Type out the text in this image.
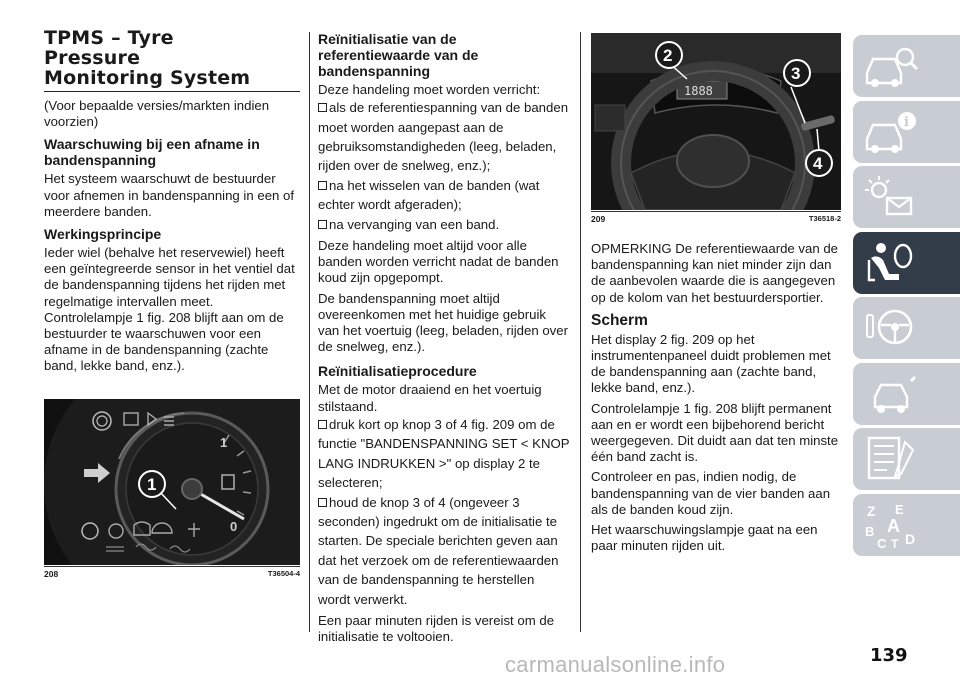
TPMS – Tyre
Pressure
Monitoring System

(Voor bepaalde versies/markten indien voorzien)

Waarschuwing bij een afname in bandenspanning

Het systeem waarschuwt de bestuurder voor afnemen in bandenspanning in een of meerdere banden.

Werkingsprincipe

Ieder wiel (behalve het reservewiel) heeft een geïntegreerde sensor in het ventiel dat de bandenspanning tijdens het rijden met regelmatige intervallen meet. Controlelampje 1 fig. 208 blijft aan om de bestuurder te waarschuwen voor een afname in de bandenspanning (zachte band, lekke band, enz.).

1
0
1
208	T36504-4
Reïnitialisatie van de referentiewaarde van de bandenspanning

Deze handeling moet worden verricht:

als de referentiespanning van de banden moet worden aangepast aan de gebruiksomstandigheden (leeg, beladen, rijden over de snelweg, enz.);
na het wisselen van de banden (wat echter wordt afgeraden);
na vervanging van een band.

Deze handeling moet altijd voor alle banden worden verricht nadat de banden koud zijn opgepompt.

De bandenspanning moet altijd overeenkomen met het huidige gebruik van het voertuig (leeg, beladen, rijden over de snelweg, enz.).

Reïnitialisatieprocedure

Met de motor draaiend en het voertuig stilstaand.

druk kort op knop 3 of 4 fig. 209 om de functie "BANDENSPANNING SET < KNOP LANG INDRUKKEN >" op display 2 te selecteren;
houd de knop 3 of 4 (ongeveer 3 seconden) ingedrukt om de initialisatie te starten. De speciale berichten geven aan dat het verzoek om de referentiewaarden van de bandenspanning te herstellen wordt verwerkt.

Een paar minuten rijden is vereist om de initialisatie te voltooien.

1888
2
3
4
209	T36518-2

OPMERKING De referentiewaarde van de bandenspanning kan niet minder zijn dan de aanbevolen waarde die is aangegeven op de kolom van het bestuurdersportier.

Scherm

Het display 2 fig. 209 op het instrumentenpaneel duidt problemen met de bandenspanning aan (zachte band, lekke band, enz.).

Controlelampje 1 fig. 208 blijft permanent aan en er wordt een bijbehorend bericht weergegeven. Dit duidt aan dat ten minste één band zacht is.

Controleer en pas, indien nodig, de bandenspanning van de vier banden aan als de banden koud zijn.

Het waarschuwingslampje gaat na een paar minuten rijden uit.

i
Z E
A
B
C T D
carmanualsonline.info	139
